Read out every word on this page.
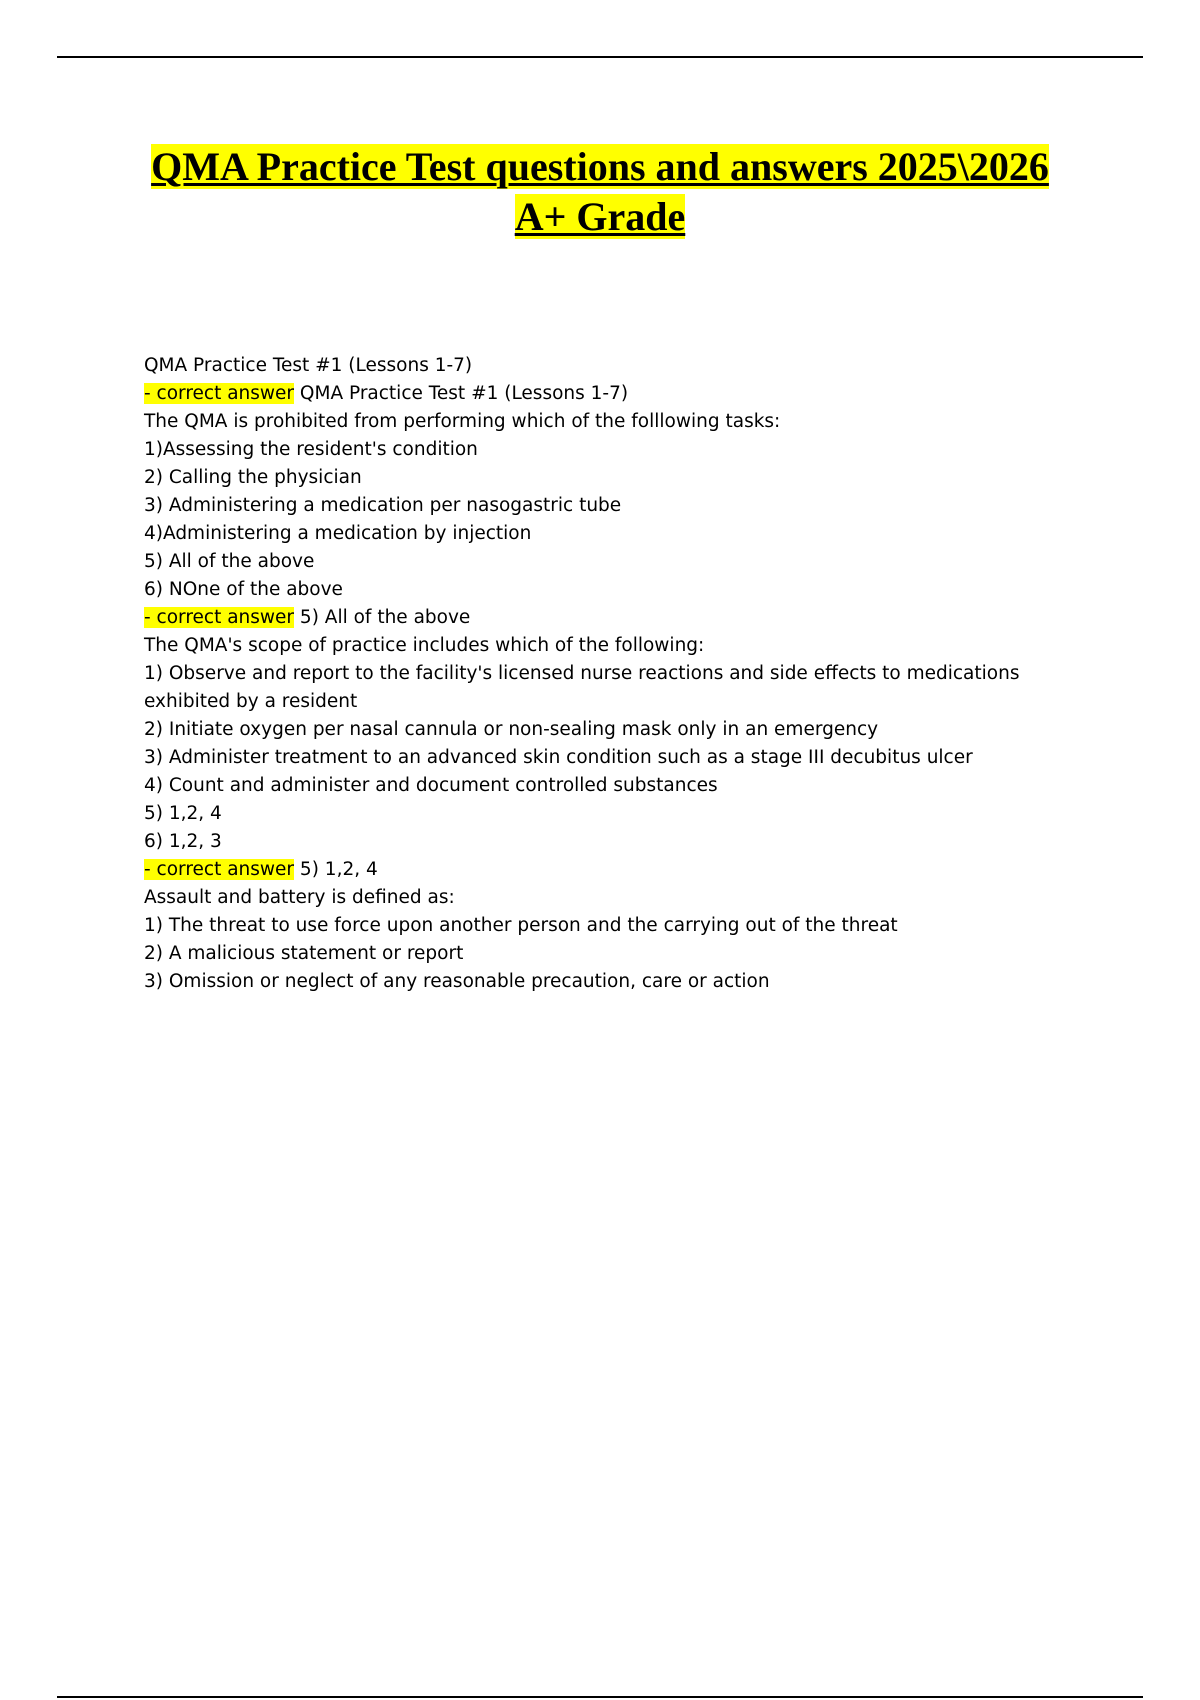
QMA Practice Test questions and answers 2025\2026
A+ Grade

QMA Practice Test #1 (Lessons 1-7)

- correct answer QMA Practice Test #1 (Lessons 1-7)

The QMA is prohibited from performing which of the folllowing tasks:

1)Assessing the resident's condition

2) Calling the physician

3) Administering a medication per nasogastric tube

4)Administering a medication by injection

5) All of the above

6) NOne of the above

- correct answer 5) All of the above

The QMA's scope of practice includes which of the following:

1) Observe and report to the facility's licensed nurse reactions and side effects to medications exhibited by a resident

2) Initiate oxygen per nasal cannula or non-sealing mask only in an emergency

3) Administer treatment to an advanced skin condition such as a stage III decubitus ulcer

4) Count and administer and document controlled substances

5) 1,2, 4

6) 1,2, 3

- correct answer 5) 1,2, 4

Assault and battery is defined as:

1) The threat to use force upon another person and the carrying out of the threat

2) A malicious statement or report

3) Omission or neglect of any reasonable precaution, care or action
